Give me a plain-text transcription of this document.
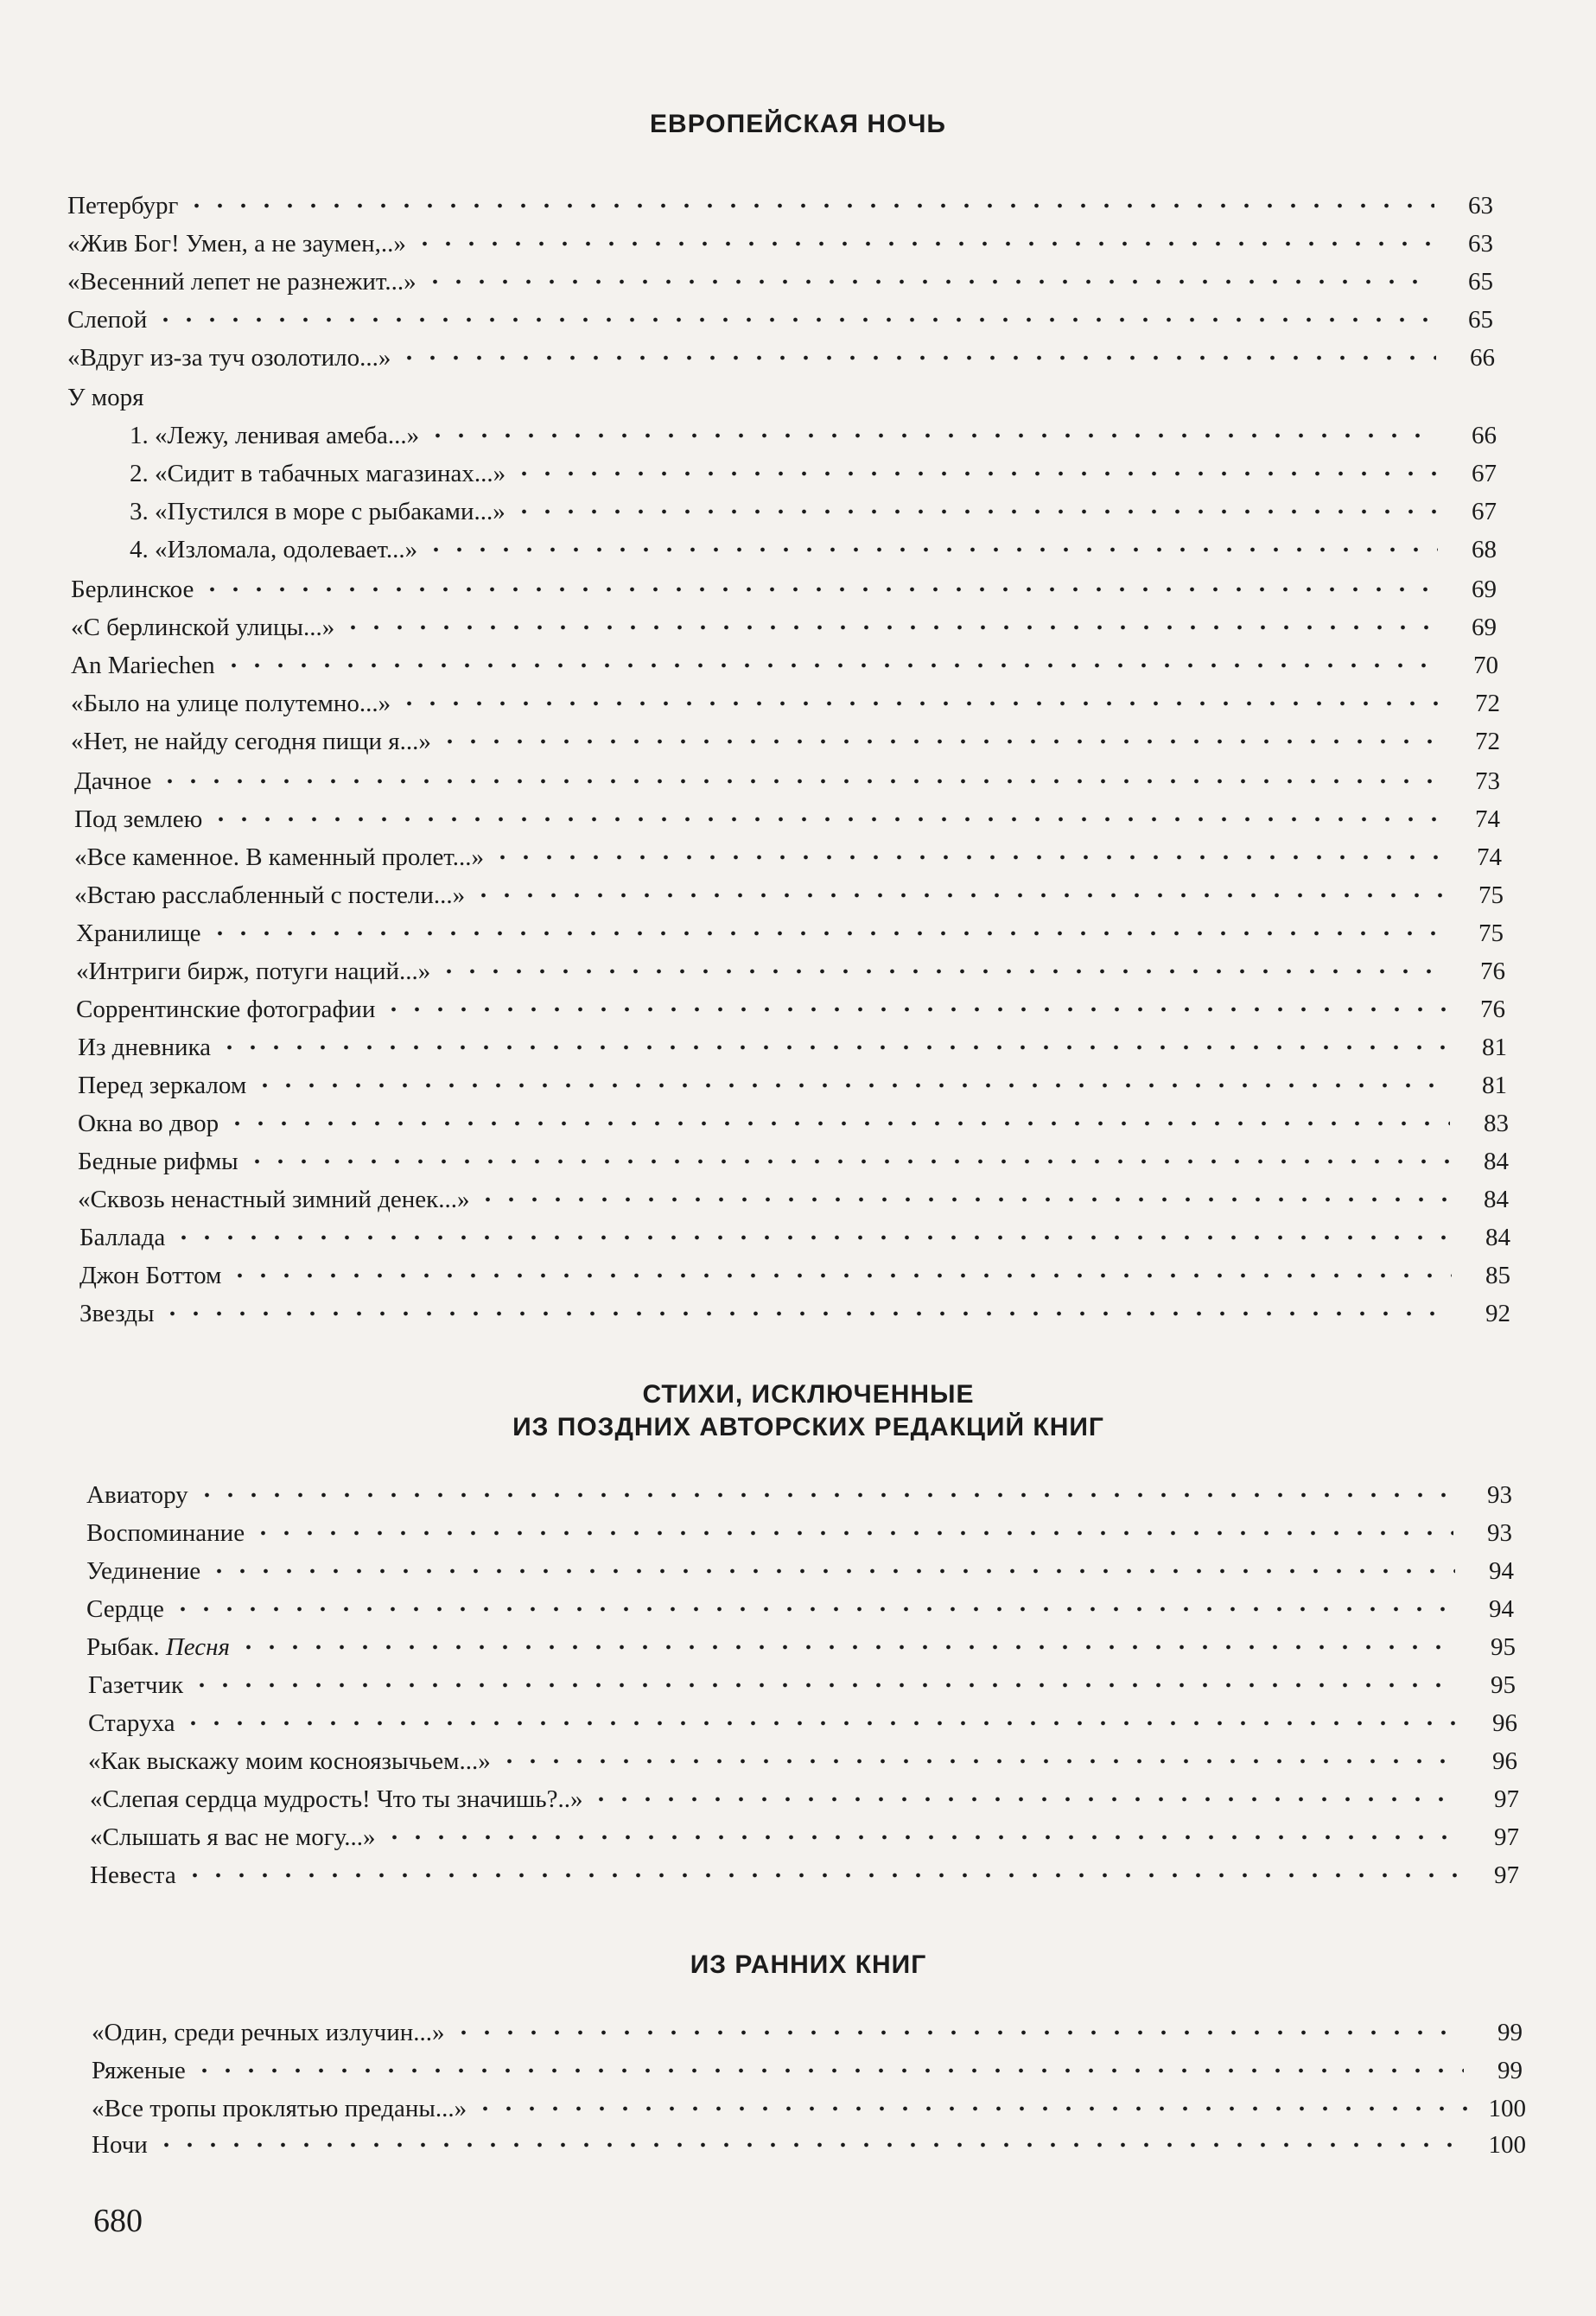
ЕВРОПЕЙСКАЯ НОЧЬ
Петербург	63
«Жив Бог! Умен, а не заумен,..»	63
«Весенний лепет не разнежит...»	65
Слепой	65
«Вдруг из-за туч озолотило...»	66
У моря
1. «Лежу, ленивая амеба...»	66
2. «Сидит в табачных магазинах...»	67
3. «Пустился в море с рыбаками...»	67
4. «Изломала, одолевает...»	68
Берлинское	69
«С берлинской улицы...»	69
An Mariechen	70
«Было на улице полутемно...»	72
«Нет, не найду сегодня пищи я...»	72
Дачное	73
Под землею	74
«Все каменное. В каменный пролет...»	74
«Встаю расслабленный с постели...»	75
Хранилище	75
«Интриги бирж, потуги наций...»	76
Соррентинские фотографии	76
Из дневника	81
Перед зеркалом	81
Окна во двор	83
Бедные рифмы	84
«Сквозь ненастный зимний денек...»	84
Баллада	84
Джон Боттом	85
Звезды	92
СТИХИ, ИСКЛЮЧЕННЫЕ
ИЗ ПОЗДНИХ АВТОРСКИХ РЕДАКЦИЙ КНИГ
Авиатору	93
Воспоминание	93
Уединение	94
Сердце	94
Рыбак. Песня	95
Газетчик	95
Старуха	96
«Как выскажу моим косноязычьем...»	96
«Слепая сердца мудрость! Что ты значишь?..»	97
«Слышать я вас не могу...»	97
Невеста	97
ИЗ РАННИХ КНИГ
«Один, среди речных излучин...»	99
Ряженые	99
«Все тропы проклятью преданы...»	100
Ночи	100
680
